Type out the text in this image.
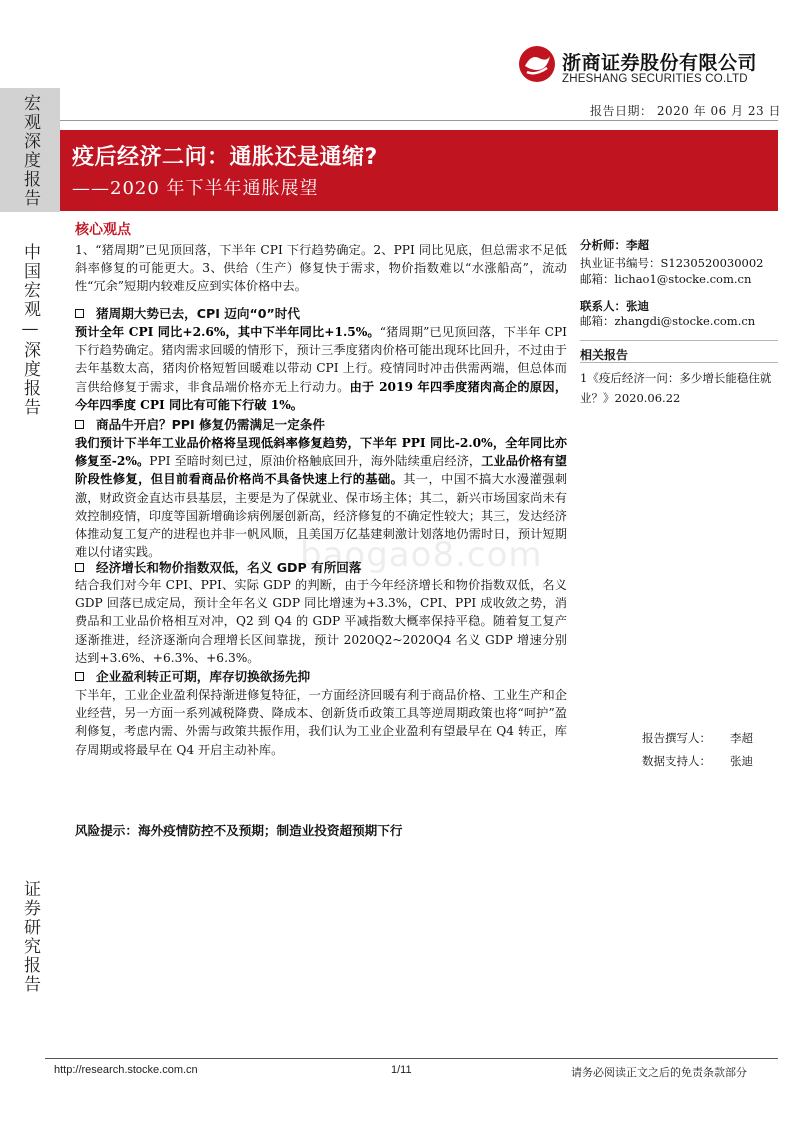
浙商证券股份有限公司
ZHESHANG SECURITIES CO.LTD
宏观深度报告
中国宏观—深度报告
证券研究报告
报告日期： 2020 年 06 月 23 日
疫后经济二问：通胀还是通缩?
——2020 年下半年通胀展望
核心观点
1、“猪周期”已见顶回落，下半年 CPI 下行趋势确定。2、PPI 同比见底，但总需求不足低斜率修复的可能更大。3、供给（生产）修复快于需求，物价指数难以“水涨船高”，流动性“冗余”短期内较难反应到实体价格中去。
猪周期大势已去，CPI 迈向“0”时代
预计全年 CPI 同比+2.6%，其中下半年同比+1.5%。“猪周期”已见顶回落，下半年 CPI 下行趋势确定。猪肉需求回暖的情形下，预计三季度猪肉价格可能出现环比回升，不过由于去年基数太高，猪肉价格短暂回暖难以带动 CPI 上行。疫情同时冲击供需两端，但总体而言供给修复于需求，非食品端价格亦无上行动力。由于 2019 年四季度猪肉高企的原因，今年四季度 CPI 同比有可能下行破 1%。
商品牛开启？PPI 修复仍需满足一定条件
我们预计下半年工业品价格将呈现低斜率修复趋势，下半年 PPI 同比-2.0%，全年同比亦修复至-2%。PPI 至暗时刻已过，原油价格触底回升，海外陆续重启经济，工业品价格有望阶段性修复，但目前看商品价格尚不具备快速上行的基础。其一，中国不搞大水漫灌强刺激，财政资金直达市县基层，主要是为了保就业、保市场主体；其二，新兴市场国家尚未有效控制疫情，印度等国新增确诊病例屡创新高，经济修复的不确定性较大；其三，发达经济体推动复工复产的进程也并非一帆风顺，且美国万亿基建刺激计划落地仍需时日，预计短期难以付诸实践。
经济增长和物价指数双低，名义 GDP 有所回落
结合我们对今年 CPI、PPI、实际 GDP 的判断，由于今年经济增长和物价指数双低，名义 GDP 回落已成定局，预计全年名义 GDP 同比增速为+3.3%，CPI、PPI 成收敛之势，消费品和工业品价格相互对冲，Q2 到 Q4 的 GDP 平减指数大概率保持平稳。随着复工复产逐渐推进，经济逐渐向合理增长区间靠拢，预计 2020Q2~2020Q4 名义 GDP 增速分别达到+3.6%、+6.3%、+6.3%。
企业盈利转正可期，库存切换欲扬先抑
下半年，工业企业盈利保持渐进修复特征，一方面经济回暖有利于商品价格、工业生产和企业经营，另一方面一系列减税降费、降成本、创新货币政策工具等逆周期政策也将“呵护”盈利修复，考虑内需、外需与政策共振作用，我们认为工业企业盈利有望最早在 Q4 转正，库存周期或将最早在 Q4 开启主动补库。
风险提示：海外疫情防控不及预期；制造业投资超预期下行
分析师：李超
执业证书编号：S1230520030002
邮箱：lichao1@stocke.com.cn
联系人：张迪
邮箱：zhangdi@stocke.com.cn
相关报告
1《疫后经济一问：多少增长能稳住就业？》2020.06.22
报告撰写人： 李超
数据支持人： 张迪
baogao8.com
http://research.stocke.com.cn	1/11	请务必阅读正文之后的免责条款部分
